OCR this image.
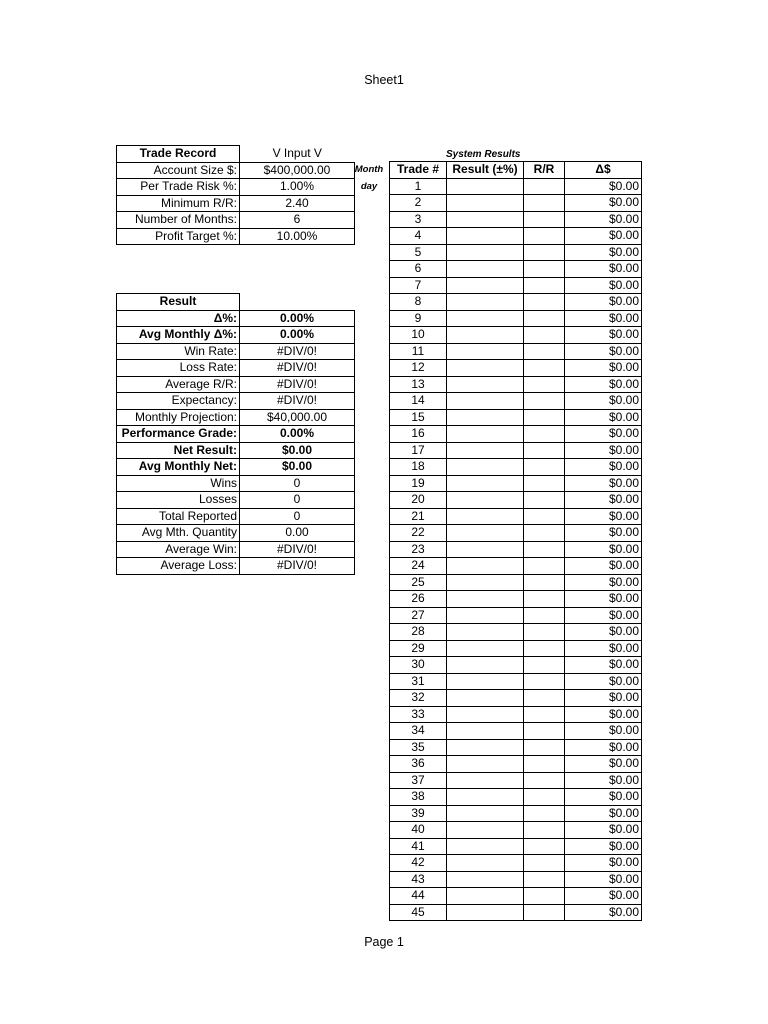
Sheet1
Trade Record	V Input V
Account Size $:	$400,000.00
Per Trade Risk %:	1.00%
Minimum R/R:	2.40
Number of Months:	6
Profit Target %:	10.00%
Result	
Δ%:	0.00%
Avg Monthly Δ%:	0.00%
Win Rate:	#DIV/0!
Loss Rate:	#DIV/0!
Average R/R:	#DIV/0!
Expectancy:	#DIV/0!
Monthly Projection:	$40,000.00
Performance Grade:	0.00%
Net Result:	$0.00
Avg Monthly Net:	$0.00
Wins	0
Losses	0
Total Reported	0
Avg Mth. Quantity	0.00
Average Win:	#DIV/0!
Average Loss:	#DIV/0!
System Results
Month
day
Trade #	Result (±%)	R/R	Δ$
1			$0.00
2			$0.00
3			$0.00
4			$0.00
5			$0.00
6			$0.00
7			$0.00
8			$0.00
9			$0.00
10			$0.00
11			$0.00
12			$0.00
13			$0.00
14			$0.00
15			$0.00
16			$0.00
17			$0.00
18			$0.00
19			$0.00
20			$0.00
21			$0.00
22			$0.00
23			$0.00
24			$0.00
25			$0.00
26			$0.00
27			$0.00
28			$0.00
29			$0.00
30			$0.00
31			$0.00
32			$0.00
33			$0.00
34			$0.00
35			$0.00
36			$0.00
37			$0.00
38			$0.00
39			$0.00
40			$0.00
41			$0.00
42			$0.00
43			$0.00
44			$0.00
45			$0.00
Page 1
